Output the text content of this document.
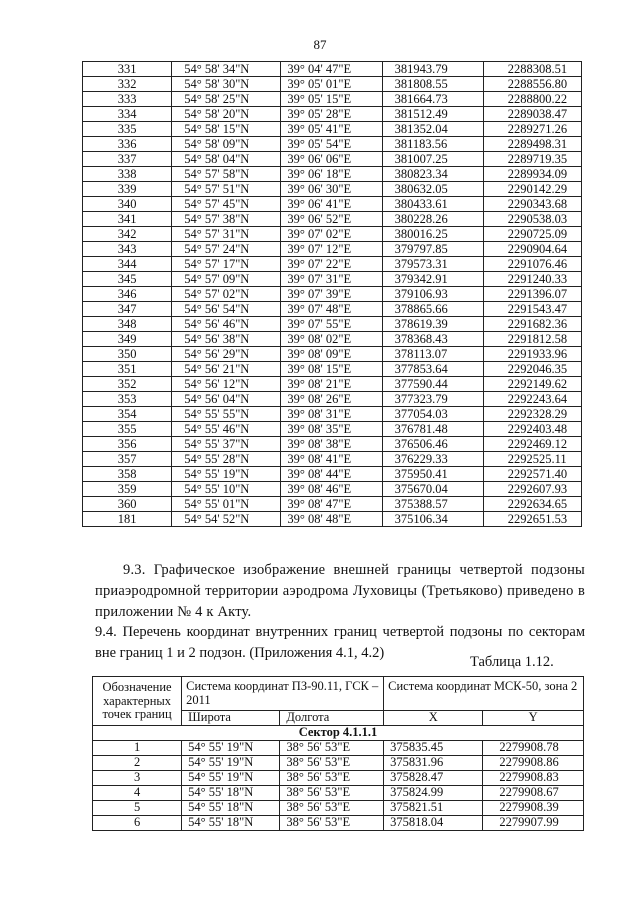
87
331	54° 58' 34"N	39° 04' 47"E	381943.79	2288308.51
332	54° 58' 30"N	39° 05' 01"E	381808.55	2288556.80
333	54° 58' 25"N	39° 05' 15"E	381664.73	2288800.22
334	54° 58' 20"N	39° 05' 28"E	381512.49	2289038.47
335	54° 58' 15"N	39° 05' 41"E	381352.04	2289271.26
336	54° 58' 09"N	39° 05' 54"E	381183.56	2289498.31
337	54° 58' 04"N	39° 06' 06"E	381007.25	2289719.35
338	54° 57' 58"N	39° 06' 18"E	380823.34	2289934.09
339	54° 57' 51"N	39° 06' 30"E	380632.05	2290142.29
340	54° 57' 45"N	39° 06' 41"E	380433.61	2290343.68
341	54° 57' 38"N	39° 06' 52"E	380228.26	2290538.03
342	54° 57' 31"N	39° 07' 02"E	380016.25	2290725.09
343	54° 57' 24"N	39° 07' 12"E	379797.85	2290904.64
344	54° 57' 17"N	39° 07' 22"E	379573.31	2291076.46
345	54° 57' 09"N	39° 07' 31"E	379342.91	2291240.33
346	54° 57' 02"N	39° 07' 39"E	379106.93	2291396.07
347	54° 56' 54"N	39° 07' 48"E	378865.66	2291543.47
348	54° 56' 46"N	39° 07' 55"E	378619.39	2291682.36
349	54° 56' 38"N	39° 08' 02"E	378368.43	2291812.58
350	54° 56' 29"N	39° 08' 09"E	378113.07	2291933.96
351	54° 56' 21"N	39° 08' 15"E	377853.64	2292046.35
352	54° 56' 12"N	39° 08' 21"E	377590.44	2292149.62
353	54° 56' 04"N	39° 08' 26"E	377323.79	2292243.64
354	54° 55' 55"N	39° 08' 31"E	377054.03	2292328.29
355	54° 55' 46"N	39° 08' 35"E	376781.48	2292403.48
356	54° 55' 37"N	39° 08' 38"E	376506.46	2292469.12
357	54° 55' 28"N	39° 08' 41"E	376229.33	2292525.11
358	54° 55' 19"N	39° 08' 44"E	375950.41	2292571.40
359	54° 55' 10"N	39° 08' 46"E	375670.04	2292607.93
360	54° 55' 01"N	39° 08' 47"E	375388.57	2292634.65
181	54° 54' 52"N	39° 08' 48"E	375106.34	2292651.53
9.3. Графическое изображение внешней границы четвертой подзоны приаэродромной территории аэродрома Луховицы (Третьяково) приведено в приложении № 4 к Акту.
9.4. Перечень координат внутренних границ четвертой подзоны по секторам вне границ 1 и 2 подзон. (Приложения 4.1, 4.2)
Таблица 1.12.
Обозначение характерных точек границ	Система координат ПЗ-90.11, ГСК – 2011		Система координат МСК-50, зона 2	
	Широта	Долгота	X	Y
Сектор 4.1.1.1				
1	54° 55' 19"N	38° 56' 53"E	375835.45	2279908.78
2	54° 55' 19"N	38° 56' 53"E	375831.96	2279908.86
3	54° 55' 19"N	38° 56' 53"E	375828.47	2279908.83
4	54° 55' 18"N	38° 56' 53"E	375824.99	2279908.67
5	54° 55' 18"N	38° 56' 53"E	375821.51	2279908.39
6	54° 55' 18"N	38° 56' 53"E	375818.04	2279907.99
